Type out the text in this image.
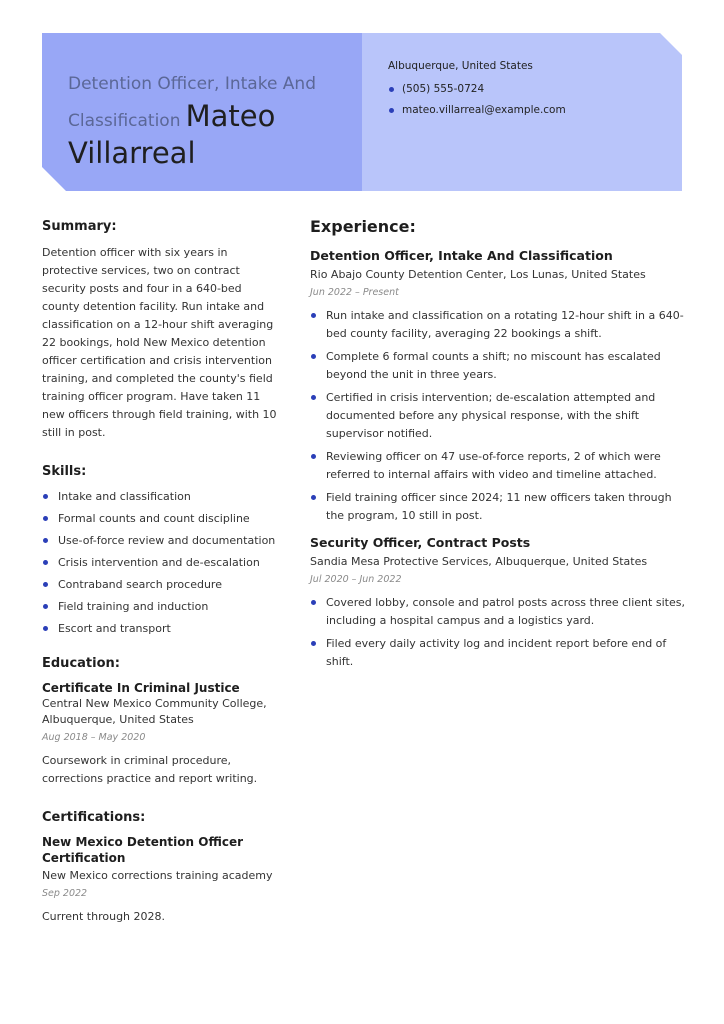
Detention Officer, Intake And Classification Mateo Villarreal
Albuquerque, United States
(505) 555-0724
mateo.villarreal@example.com
Summary:

Detention officer with six years in protective services, two on contract security posts and four in a 640-bed county detention facility. Run intake and classification on a 12-hour shift averaging 22 bookings, hold New Mexico detention officer certification and crisis intervention training, and completed the county's field training officer program. Have taken 11 new officers through field training, with 10 still in post.

Skills:
Intake and classification
Formal counts and count discipline
Use-of-force review and documentation
Crisis intervention and de-escalation
Contraband search procedure
Field training and induction
Escort and transport
Education:
Certificate In Criminal Justice
Central New Mexico Community College, Albuquerque, United States
Aug 2018 – May 2020

Coursework in criminal procedure, corrections practice and report writing.

Certifications:
New Mexico Detention Officer Certification
New Mexico corrections training academy
Sep 2022

Current through 2028.

Experience:
Detention Officer, Intake And Classification
Rio Abajo County Detention Center, Los Lunas, United States
Jun 2022 – Present
Run intake and classification on a rotating 12-hour shift in a 640-bed county facility, averaging 22 bookings a shift.
Complete 6 formal counts a shift; no miscount has escalated beyond the unit in three years.
Certified in crisis intervention; de-escalation attempted and documented before any physical response, with the shift supervisor notified.
Reviewing officer on 47 use-of-force reports, 2 of which were referred to internal affairs with video and timeline attached.
Field training officer since 2024; 11 new officers taken through the program, 10 still in post.
Security Officer, Contract Posts
Sandia Mesa Protective Services, Albuquerque, United States
Jul 2020 – Jun 2022
Covered lobby, console and patrol posts across three client sites, including a hospital campus and a logistics yard.
Filed every daily activity log and incident report before end of shift.
